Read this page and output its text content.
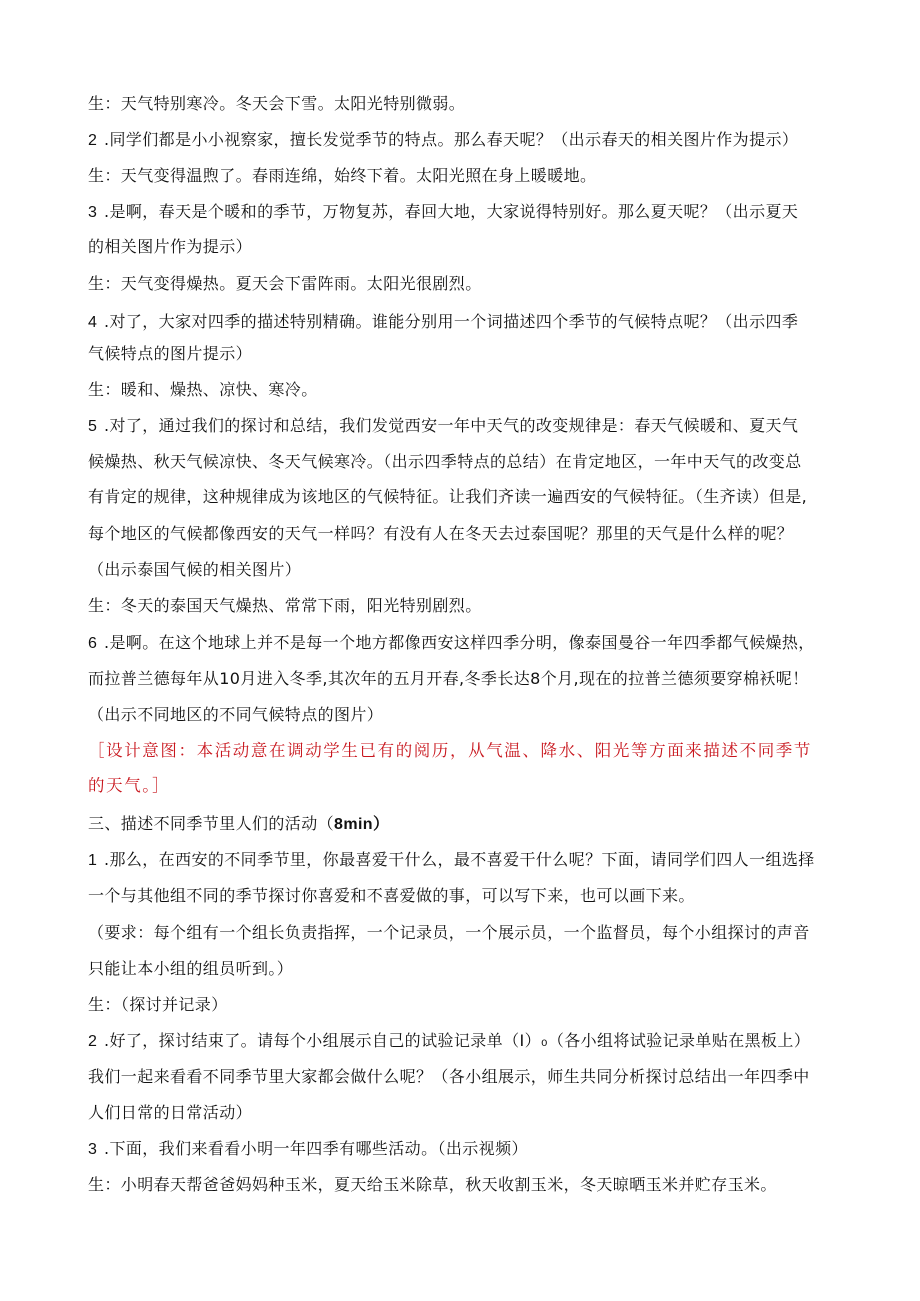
生：天气特别寒冷。冬天会下雪。太阳光特别微弱。
2 .同学们都是小小视察家，擅长发觉季节的特点。那么春天呢？（出示春天的相关图片作为提示）
生：天气变得温煦了。春雨连绵，始终下着。太阳光照在身上暖暖地。
3 .是啊，春天是个暖和的季节，万物复苏，春回大地，大家说得特别好。那么夏天呢？（出示夏天
的相关图片作为提示）
生：天气变得燥热。夏天会下雷阵雨。太阳光很剧烈。
4 .对了，大家对四季的描述特别精确。谁能分别用一个词描述四个季节的气候特点呢？（出示四季
气候特点的图片提示）
生：暖和、燥热、凉快、寒冷。
5 .对了，通过我们的探讨和总结，我们发觉西安一年中天气的改变规律是：春天气候暖和、夏天气
候燥热、秋天气候凉快、冬天气候寒冷。（出示四季特点的总结）在肯定地区，一年中天气的改变总
有肯定的规律，这种规律成为该地区的气候特征。让我们齐读一遍西安的气候特征。（生齐读）但是,
每个地区的气候都像西安的天气一样吗？有没有人在冬天去过泰国呢？那里的天气是什么样的呢？
（出示泰国气候的相关图片）
生：冬天的泰国天气燥热、常常下雨，阳光特别剧烈。
6 .是啊。在这个地球上并不是每一个地方都像西安这样四季分明，像泰国曼谷一年四季都气候燥热，
而拉普兰德每年从10月进入冬季,其次年的五月开春,冬季长达8个月,现在的拉普兰德须要穿棉袄呢！
（出示不同地区的不同气候特点的图片）
［设计意图：本活动意在调动学生已有的阅历，从气温、降水、阳光等方面来描述不同季节
的天气。］
三、描述不同季节里人们的活动（8min）
1 .那么，在西安的不同季节里，你最喜爱干什么，最不喜爱干什么呢？下面，请同学们四人一组选择
一个与其他组不同的季节探讨你喜爱和不喜爱做的事，可以写下来，也可以画下来。
（要求：每个组有一个组长负责指挥，一个记录员，一个展示员，一个监督员，每个小组探讨的声音
只能让本小组的组员听到。）
生：（探讨并记录）
2 .好了，探讨结束了。请每个小组展示自己的试验记录单（I）₀（各小组将试验记录单贴在黑板上）
我们一起来看看不同季节里大家都会做什么呢？（各小组展示，师生共同分析探讨总结出一年四季中
人们日常的日常活动）
3 .下面，我们来看看小明一年四季有哪些活动。（出示视频）
生：小明春天帮爸爸妈妈种玉米，夏天给玉米除草，秋天收割玉米，冬天晾晒玉米并贮存玉米。
